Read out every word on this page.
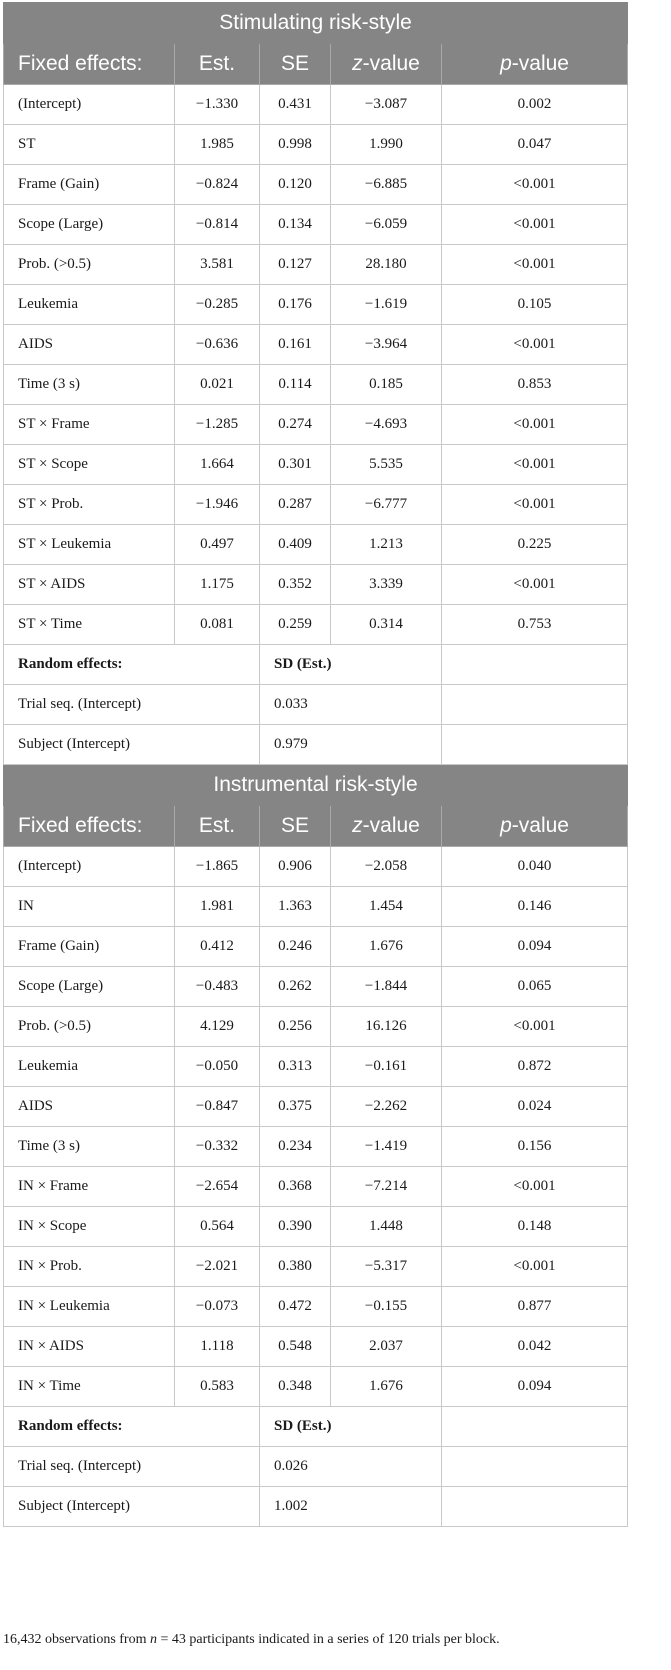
Stimulating risk-style				
Fixed effects:	Est.	SE	z-value	p-value
(Intercept)	−1.330	0.431	−3.087	0.002
ST	1.985	0.998	1.990	0.047
Frame (Gain)	−0.824	0.120	−6.885	<0.001
Scope (Large)	−0.814	0.134	−6.059	<0.001
Prob. (>0.5)	3.581	0.127	28.180	<0.001
Leukemia	−0.285	0.176	−1.619	0.105
AIDS	−0.636	0.161	−3.964	<0.001
Time (3 s)	0.021	0.114	0.185	0.853
ST × Frame	−1.285	0.274	−4.693	<0.001
ST × Scope	1.664	0.301	5.535	<0.001
ST × Prob.	−1.946	0.287	−6.777	<0.001
ST × Leukemia	0.497	0.409	1.213	0.225
ST × AIDS	1.175	0.352	3.339	<0.001
ST × Time	0.081	0.259	0.314	0.753
Random effects:		SD (Est.)		
Trial seq. (Intercept)		0.033		
Subject (Intercept)		0.979		
Instrumental risk-style				
Fixed effects:	Est.	SE	z-value	p-value
(Intercept)	−1.865	0.906	−2.058	0.040
IN	1.981	1.363	1.454	0.146
Frame (Gain)	0.412	0.246	1.676	0.094
Scope (Large)	−0.483	0.262	−1.844	0.065
Prob. (>0.5)	4.129	0.256	16.126	<0.001
Leukemia	−0.050	0.313	−0.161	0.872
AIDS	−0.847	0.375	−2.262	0.024
Time (3 s)	−0.332	0.234	−1.419	0.156
IN × Frame	−2.654	0.368	−7.214	<0.001
IN × Scope	0.564	0.390	1.448	0.148
IN × Prob.	−2.021	0.380	−5.317	<0.001
IN × Leukemia	−0.073	0.472	−0.155	0.877
IN × AIDS	1.118	0.548	2.037	0.042
IN × Time	0.583	0.348	1.676	0.094
Random effects:		SD (Est.)		
Trial seq. (Intercept)		0.026		
Subject (Intercept)		1.002		
16,432 observations from n = 43 participants indicated in a series of 120 trials per block.
